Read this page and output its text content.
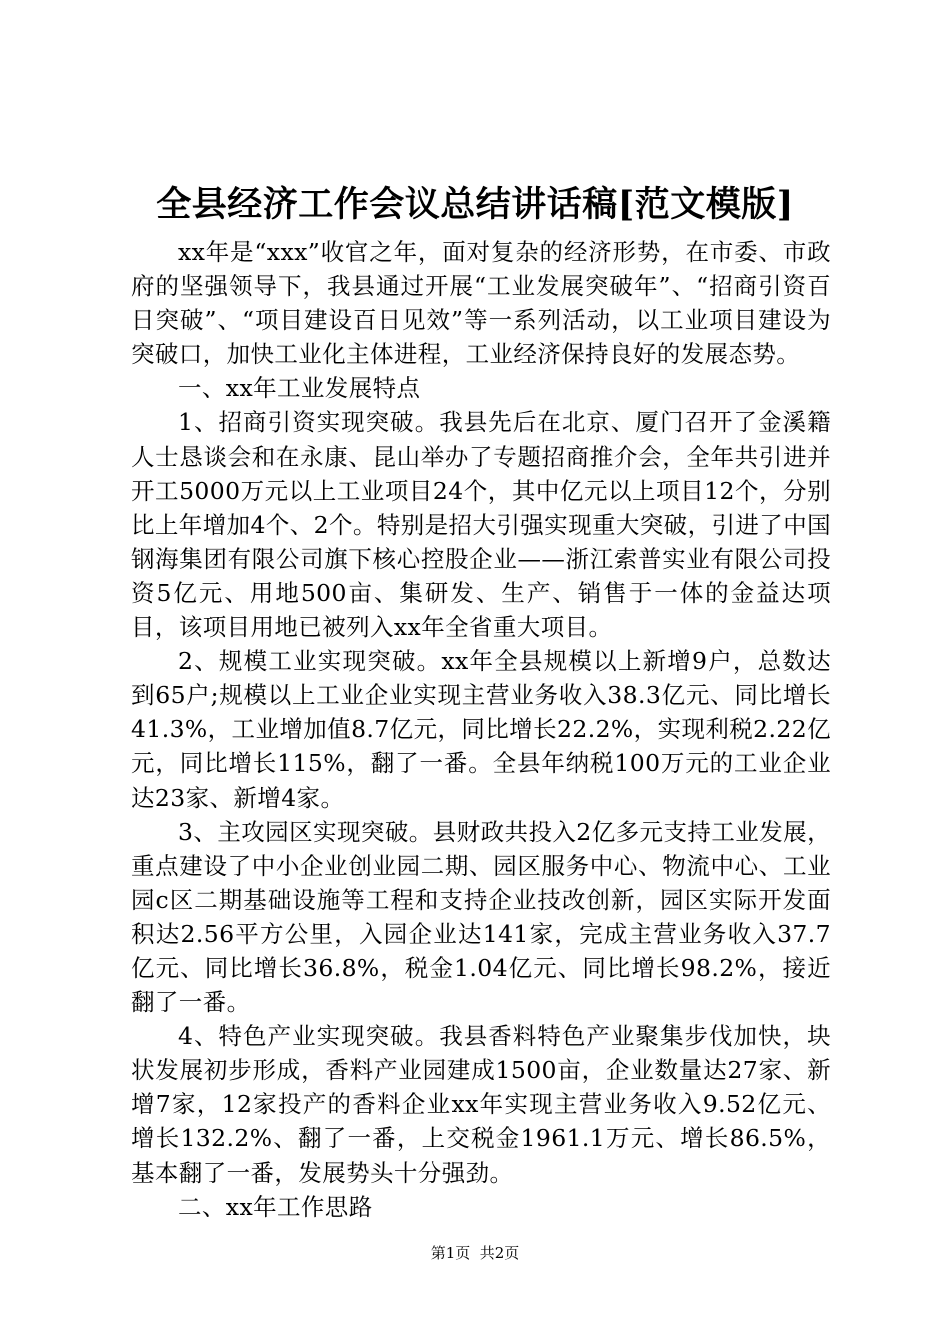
全县经济工作会议总结讲话稿[范文模版]

xx年是“xxx”收官之年，面对复杂的经济形势，在市委、市政府的坚强领导下，我县通过开展“工业发展突破年”、“招商引资百日突破”、“项目建设百日见效”等一系列活动，以工业项目建设为突破口，加快工业化主体进程，工业经济保持良好的发展态势。

一、xx年工业发展特点

1、招商引资实现突破。我县先后在北京、厦门召开了金溪籍人士恳谈会和在永康、昆山举办了专题招商推介会，全年共引进并开工5000万元以上工业项目24个，其中亿元以上项目12个，分别比上年增加4个、2个。特别是招大引强实现重大突破，引进了中国钢海集团有限公司旗下核心控股企业——浙江索普实业有限公司投资5亿元、用地500亩、集研发、生产、销售于一体的金益达项目，该项目用地已被列入xx年全省重大项目。

2、规模工业实现突破。xx年全县规模以上新增9户，总数达到65户;规模以上工业企业实现主营业务收入38.3亿元、同比增长41.3%，工业增加值8.7亿元，同比增长22.2%，实现利税2.22亿元，同比增长115%，翻了一番。全县年纳税100万元的工业企业达23家、新增4家。

3、主攻园区实现突破。县财政共投入2亿多元支持工业发展，重点建设了中小企业创业园二期、园区服务中心、物流中心、工业园c区二期基础设施等工程和支持企业技改创新，园区实际开发面积达2.56平方公里，入园企业达141家，完成主营业务收入37.7亿元、同比增长36.8%，税金1.04亿元、同比增长98.2%，接近翻了一番。

4、特色产业实现突破。我县香料特色产业聚集步伐加快，块状发展初步形成，香料产业园建成1500亩，企业数量达27家、新增7家，12家投产的香料企业xx年实现主营业务收入9.52亿元、增长132.2%、翻了一番，上交税金1961.1万元、增长86.5%，基本翻了一番，发展势头十分强劲。

二、xx年工作思路

第1页  共2页
